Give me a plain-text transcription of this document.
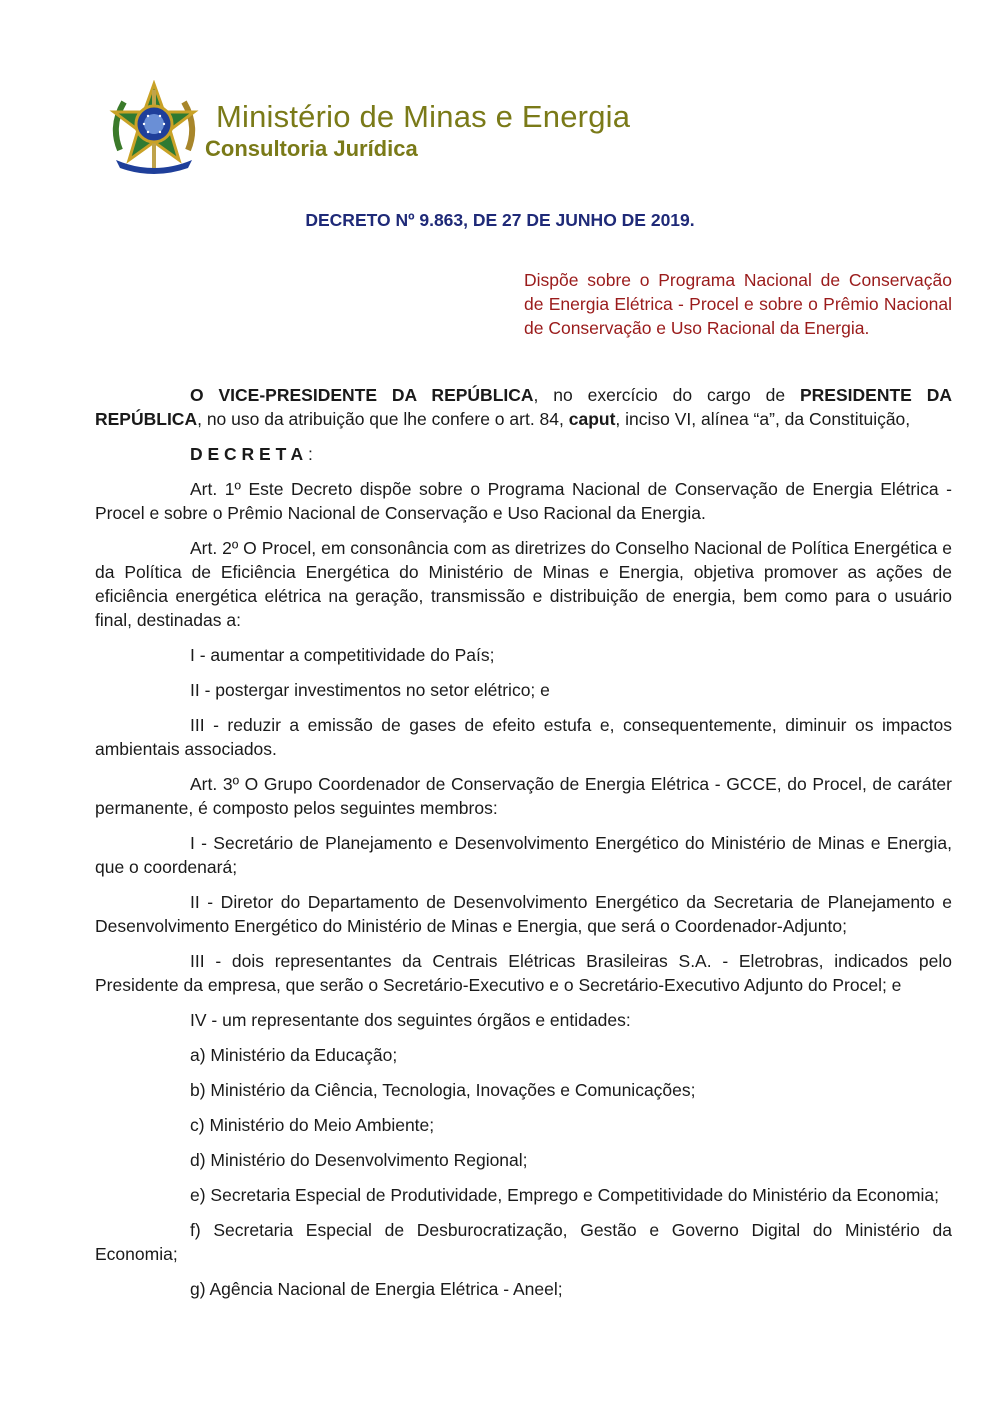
Ministério de Minas e Energia
Consultoria Jurídica
DECRETO Nº 9.863, DE 27 DE JUNHO DE 2019.
Dispõe sobre o Programa Nacional de Conservação de Energia Elétrica - Procel e sobre o Prêmio Nacional de Conservação e Uso Racional da Energia.

O VICE-PRESIDENTE DA REPÚBLICA, no exercício do cargo de PRESIDENTE DA REPÚBLICA, no uso da atribuição que lhe confere o art. 84, caput, inciso VI, alínea “a”, da Constituição,

D E C R E T A :

Art. 1º Este Decreto dispõe sobre o Programa Nacional de Conservação de Energia Elétrica - Procel e sobre o Prêmio Nacional de Conservação e Uso Racional da Energia.

Art. 2º O Procel, em consonância com as diretrizes do Conselho Nacional de Política Energética e da Política de Eficiência Energética do Ministério de Minas e Energia, objetiva promover as ações de eficiência energética elétrica na geração, transmissão e distribuição de energia, bem como para o usuário final, destinadas a:

I - aumentar a competitividade do País;

II - postergar investimentos no setor elétrico; e

III - reduzir a emissão de gases de efeito estufa e, consequentemente, diminuir os impactos ambientais associados.

Art. 3º O Grupo Coordenador de Conservação de Energia Elétrica - GCCE, do Procel, de caráter permanente, é composto pelos seguintes membros:

I - Secretário de Planejamento e Desenvolvimento Energético do Ministério de Minas e Energia, que o coordenará;

II - Diretor do Departamento de Desenvolvimento Energético da Secretaria de Planejamento e Desenvolvimento Energético do Ministério de Minas e Energia, que será o Coordenador-Adjunto;

III - dois representantes da Centrais Elétricas Brasileiras S.A. - Eletrobras, indicados pelo Presidente da empresa, que serão o Secretário-Executivo e o Secretário-Executivo Adjunto do Procel; e

IV - um representante dos seguintes órgãos e entidades:

a) Ministério da Educação;

b) Ministério da Ciência, Tecnologia, Inovações e Comunicações;

c) Ministério do Meio Ambiente;

d) Ministério do Desenvolvimento Regional;

e) Secretaria Especial de Produtividade, Emprego e Competitividade do Ministério da Economia;

f) Secretaria Especial de Desburocratização, Gestão e Governo Digital do Ministério da Economia;

g) Agência Nacional de Energia Elétrica - Aneel;
